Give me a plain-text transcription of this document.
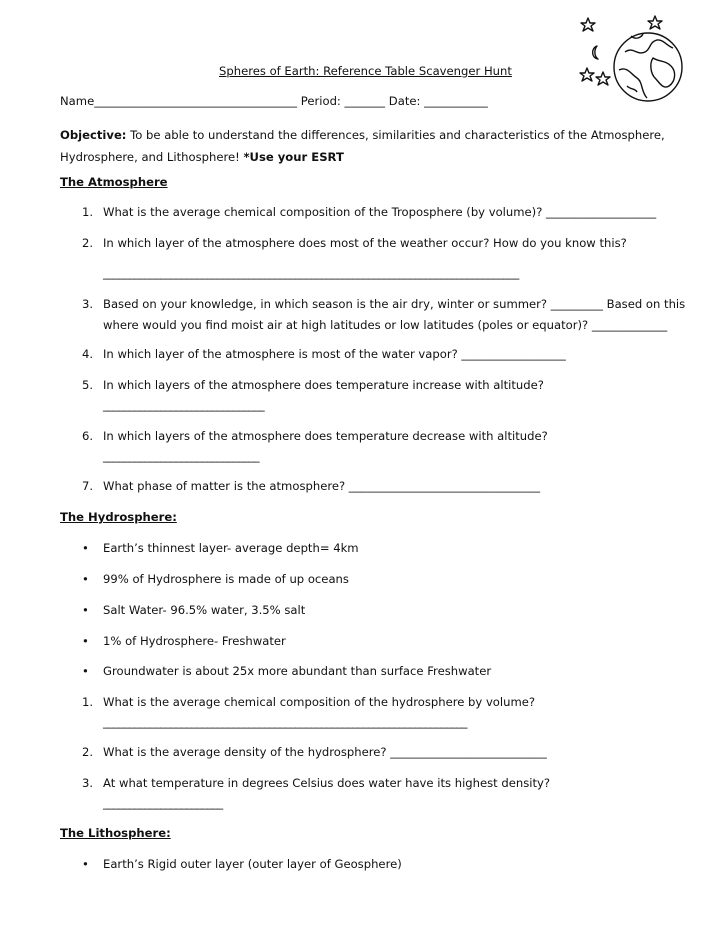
Spheres of Earth: Reference Table Scavenger Hunt
Name___________________________________ Period: _______ Date: ___________
Objective: To be able to understand the differences, similarities and characteristics of the Atmosphere, Hydrosphere, and Lithosphere! *Use your ESRT
The Atmosphere
1. What is the average chemical composition of the Troposphere (by volume)? ___________________
2. In which layer of the atmosphere does most of the weather occur? How do you know this?
________________________________________________________________________________
3. Based on your knowledge, in which season is the air dry, winter or summer? _________ Based on this
where would you find moist air at high latitudes or low latitudes (poles or equator)? _____________
4. In which layer of the atmosphere is most of the water vapor? __________________
5. In which layers of the atmosphere does temperature increase with altitude?
_______________________________
6. In which layers of the atmosphere does temperature decrease with altitude?
______________________________
7. What phase of matter is the atmosphere? _________________________________
The Hydrosphere:
• Earth’s thinnest layer- average depth= 4km
• 99% of Hydrosphere is made of up oceans
• Salt Water- 96.5% water, 3.5% salt
• 1% of Hydrosphere- Freshwater
• Groundwater is about 25x more abundant than surface Freshwater
1. What is the average chemical composition of the hydrosphere by volume?
______________________________________________________________________
2. What is the average density of the hydrosphere? ___________________________
3. At what temperature in degrees Celsius does water have its highest density?
_______________________
The Lithosphere:
• Earth’s Rigid outer layer (outer layer of Geosphere)
